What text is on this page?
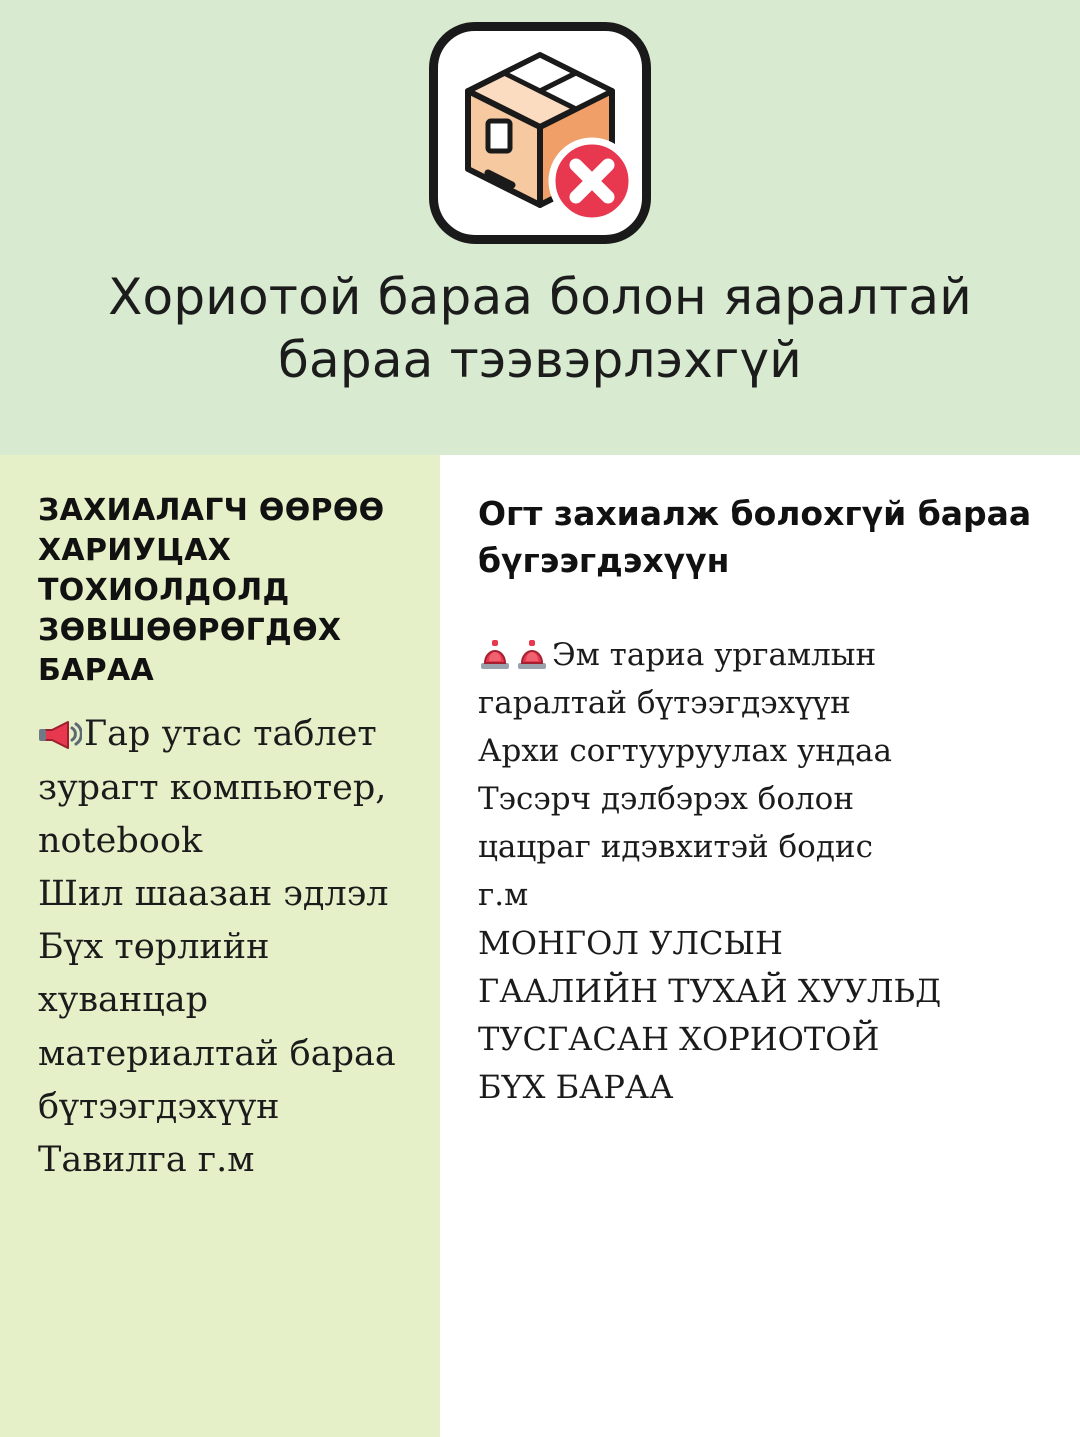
Хориотой бараа болон яаралтай бараа тээвэрлэхгүй
ЗАХИАЛАГЧ ӨӨРӨӨ ХАРИУЦАХ ТОХИОЛДОЛД ЗӨВШӨӨРӨГДӨХ БАРАА
Гар утас таблет
зурагт компьютер,
notebook
Шил шаазан эдлэл
Бүх төрлийн
хуванцар
материалтай бараа
бүтээгдэхүүн
Тавилга г.м
Огт захиалж болохгүй бараа бүгээгдэхүүн
Эм тариа ургамлын
гаралтай бүтээгдэхүүн
Архи согтууруулах ундаа
Тэсэрч дэлбэрэх болон
цацраг идэвхитэй бодис
г.м
МОНГОЛ УЛСЫН
ГААЛИЙН ТУХАЙ ХУУЛЬД
ТУСГАСАН ХОРИОТОЙ
БҮХ БАРАА
